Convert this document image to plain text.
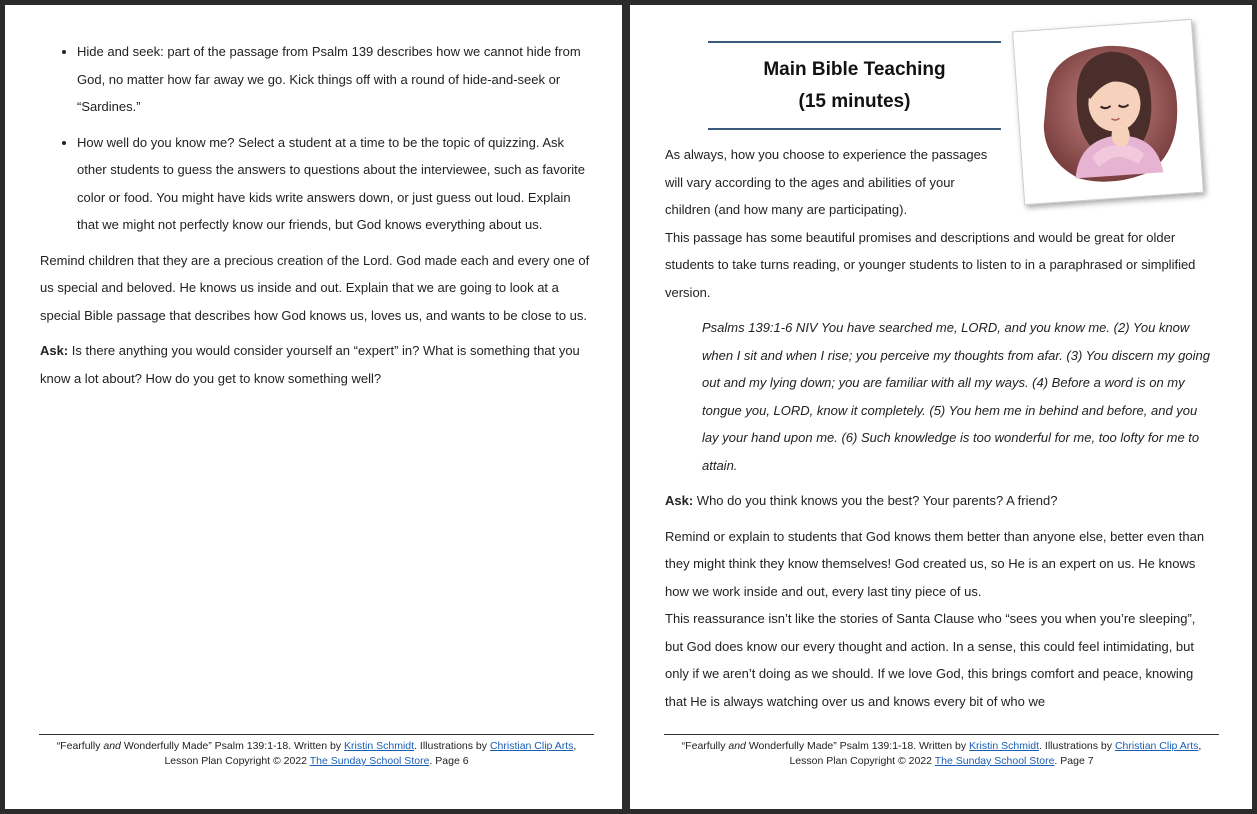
• Hide and seek: part of the passage from Psalm 139 describes how we cannot hide from God, no matter how far away we go. Kick things off with a round of hide-and-seek or “Sardines.”
• How well do you know me? Select a student at a time to be the topic of quizzing. Ask other students to guess the answers to questions about the interviewee, such as favorite color or food. You might have kids write answers down, or just guess out loud. Explain that we might not perfectly know our friends, but God knows everything about us.

Remind children that they are a precious creation of the Lord. God made each and every one of us special and beloved. He knows us inside and out. Explain that we are going to look at a special Bible passage that describes how God knows us, loves us, and wants to be close to us.

Ask: Is there anything you would consider yourself an “expert” in? What is something that you know a lot about? How do you get to know something well?

“Fearfully and Wonderfully Made” Psalm 139:1-18. Written by Kristin Schmidt. Illustrations by Christian Clip Arts, Lesson Plan Copyright © 2022 The Sunday School Store. Page 6
Main Bible Teaching
(15 minutes)

As always, how you choose to experience the passages will vary according to the ages and abilities of your children (and how many are participating).

This passage has some beautiful promises and descriptions and would be great for older students to take turns reading, or younger students to listen to in a paraphrased or simplified version.

Psalms 139:1-6 NIV You have searched me, LORD, and you know me. (2) You know when I sit and when I rise; you perceive my thoughts from afar. (3) You discern my going out and my lying down; you are familiar with all my ways. (4) Before a word is on my tongue you, LORD, know it completely. (5) You hem me in behind and before, and you lay your hand upon me. (6) Such knowledge is too wonderful for me, too lofty for me to attain.

Ask: Who do you think knows you the best? Your parents? A friend?

Remind or explain to students that God knows them better than anyone else, better even than they might think they know themselves! God created us, so He is an expert on us. He knows how we work inside and out, every last tiny piece of us.

This reassurance isn’t like the stories of Santa Clause who “sees you when you’re sleeping”, but God does know our every thought and action. In a sense, this could feel intimidating, but only if we aren’t doing as we should. If we love God, this brings comfort and peace, knowing that He is always watching over us and knows every bit of who we

“Fearfully and Wonderfully Made” Psalm 139:1-18. Written by Kristin Schmidt. Illustrations by Christian Clip Arts, Lesson Plan Copyright © 2022 The Sunday School Store. Page 7
